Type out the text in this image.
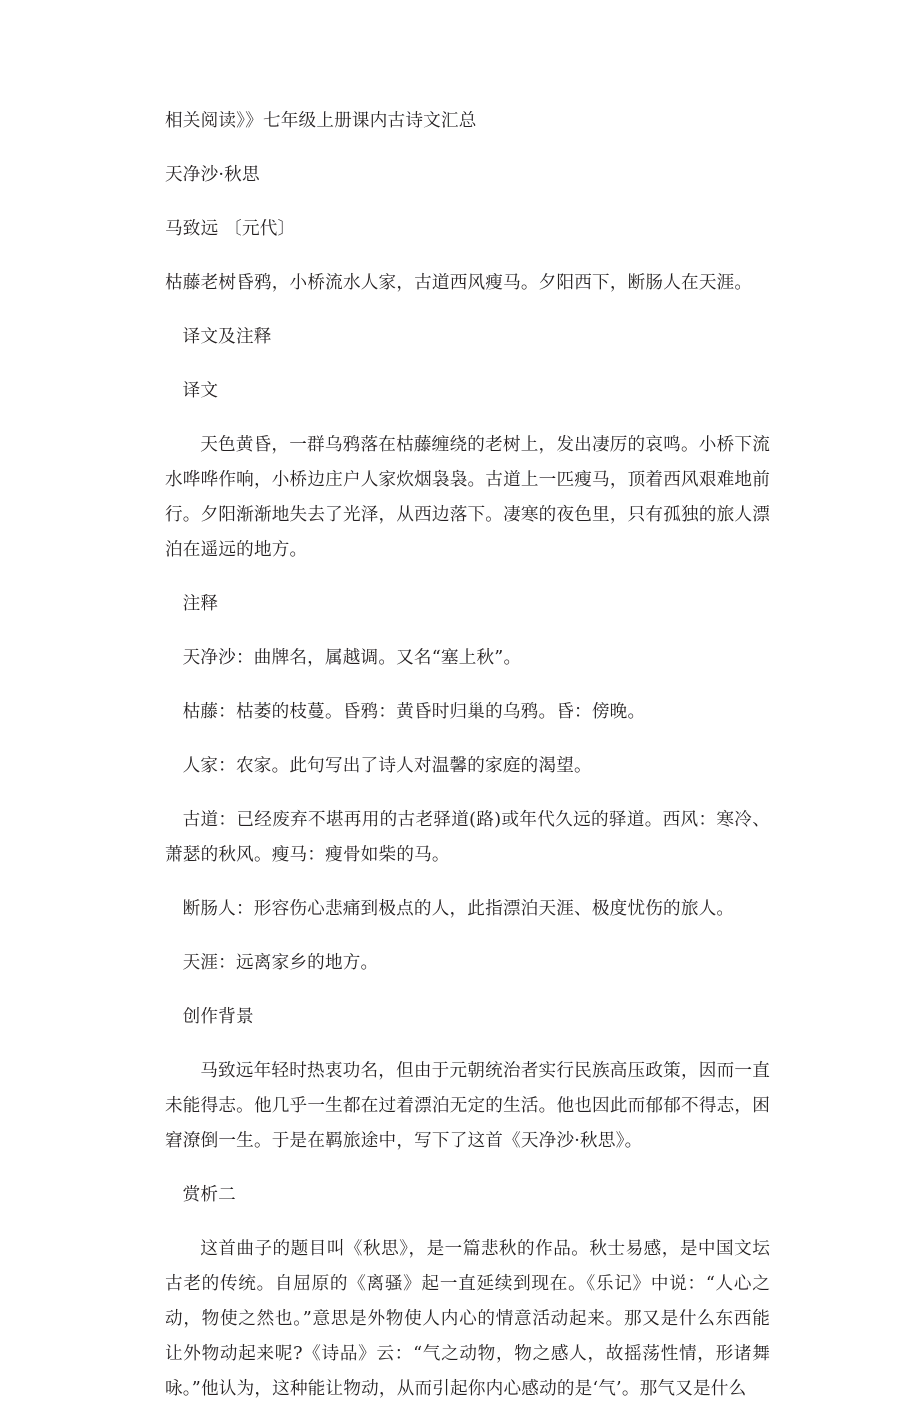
相关阅读》》七年级上册课内古诗文汇总

天净沙·秋思

马致远 〔元代〕

枯藤老树昏鸦，小桥流水人家，古道西风瘦马。夕阳西下，断肠人在天涯。

译文及注释

译文

天色黄昏，一群乌鸦落在枯藤缠绕的老树上，发出凄厉的哀鸣。小桥下流水哗哗作响，小桥边庄户人家炊烟袅袅。古道上一匹瘦马，顶着西风艰难地前行。夕阳渐渐地失去了光泽，从西边落下。凄寒的夜色里，只有孤独的旅人漂泊在遥远的地方。

注释

天净沙：曲牌名，属越调。又名“塞上秋”。

枯藤：枯萎的枝蔓。昏鸦：黄昏时归巢的乌鸦。昏：傍晚。

人家：农家。此句写出了诗人对温馨的家庭的渴望。

古道：已经废弃不堪再用的古老驿道(路)或年代久远的驿道。西风：寒冷、萧瑟的秋风。瘦马：瘦骨如柴的马。

断肠人：形容伤心悲痛到极点的人，此指漂泊天涯、极度忧伤的旅人。

天涯：远离家乡的地方。

创作背景

马致远年轻时热衷功名，但由于元朝统治者实行民族高压政策，因而一直未能得志。他几乎一生都在过着漂泊无定的生活。他也因此而郁郁不得志，困窘潦倒一生。于是在羁旅途中，写下了这首《天净沙·秋思》。

赏析二

这首曲子的题目叫《秋思》，是一篇悲秋的作品。秋士易感，是中国文坛古老的传统。自屈原的《离骚》起一直延续到现在。《乐记》中说：“人心之动，物使之然也。”意思是外物使人内心的情意活动起来。那又是什么东西能让外物动起来呢?《诗品》云：“气之动物，物之感人，故摇荡性情，形诸舞咏。”他认为，这种能让物动，从而引起你内心感动的是‘气’。那气又是什么
